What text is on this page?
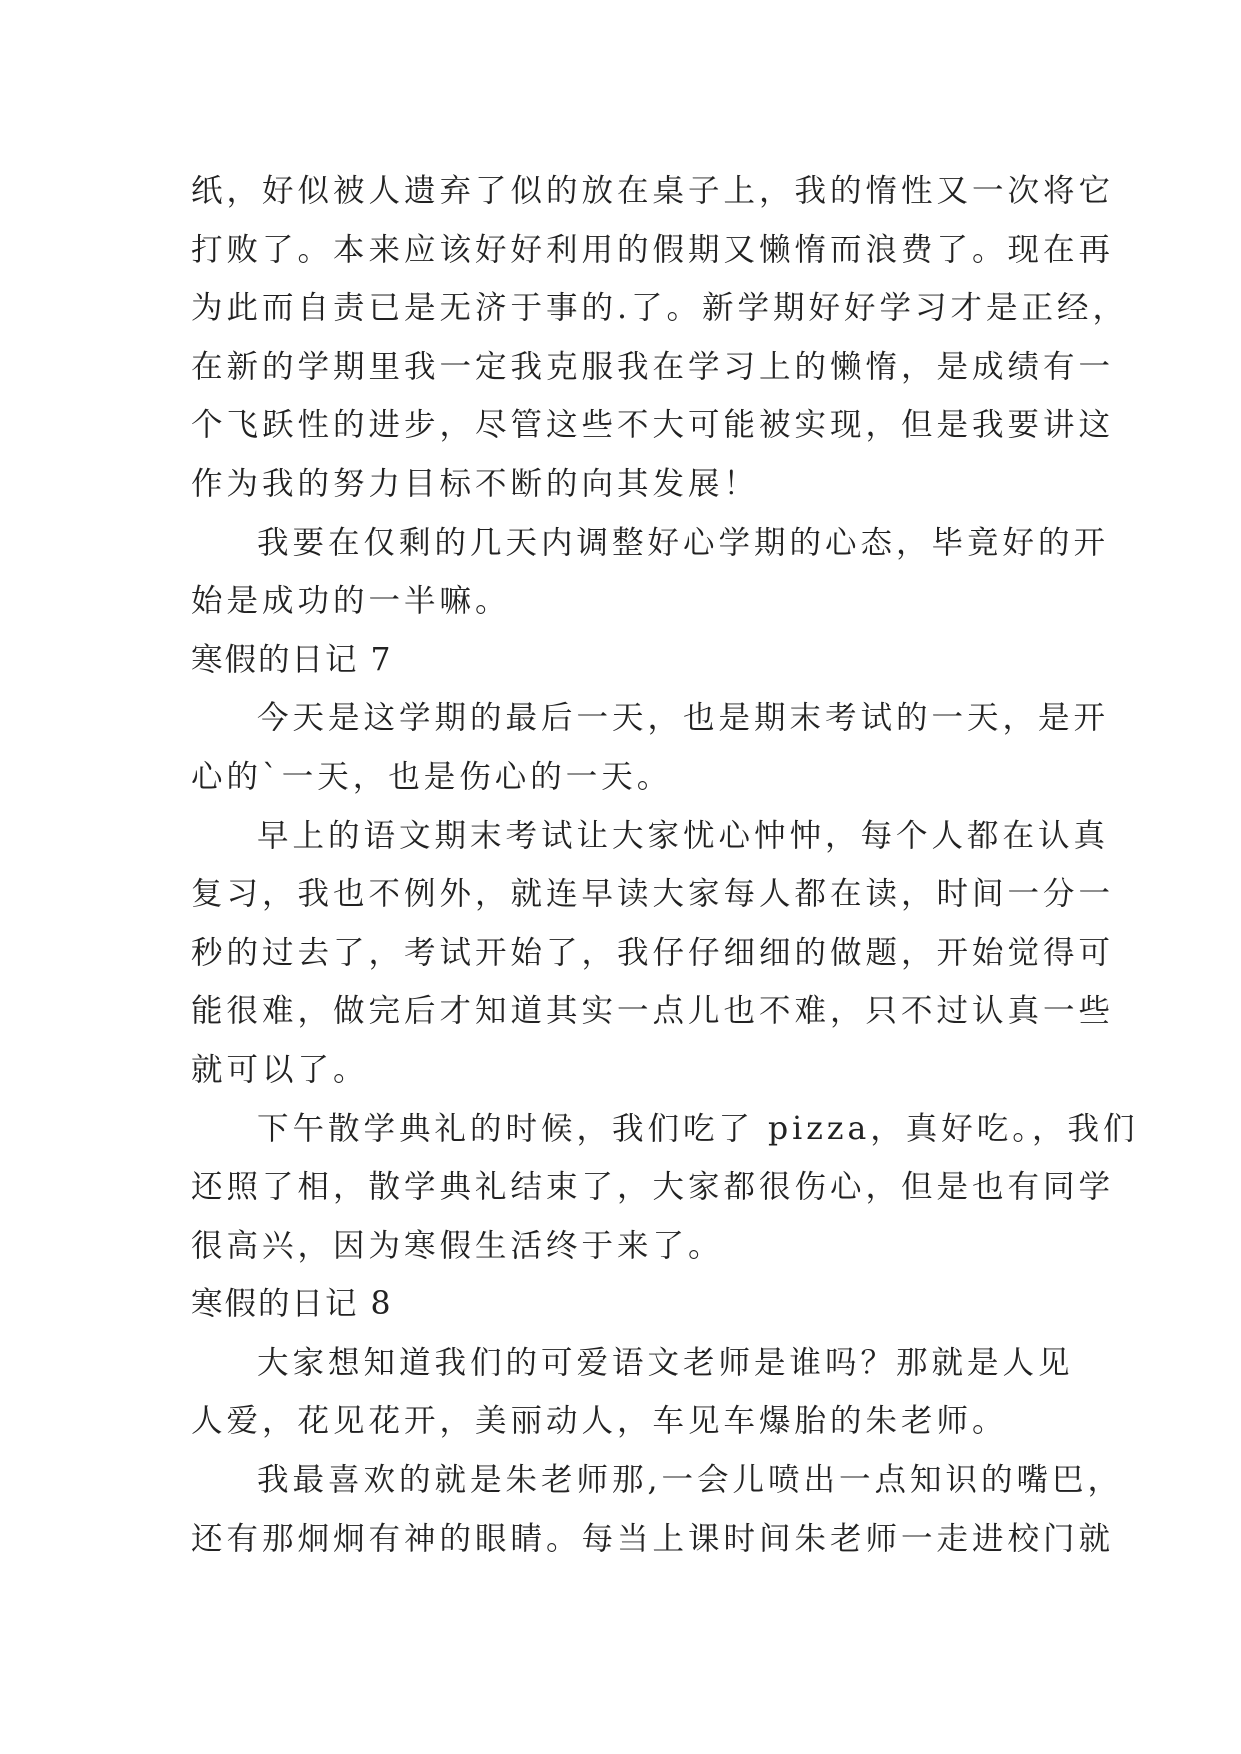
纸，好似被人遗弃了似的放在桌子上，我的惰性又一次将它
打败了。本来应该好好利用的假期又懒惰而浪费了。现在再
为此而自责已是无济于事的.了。新学期好好学习才是正经，
在新的学期里我一定我克服我在学习上的懒惰，是成绩有一
个飞跃性的进步，尽管这些不大可能被实现，但是我要讲这
作为我的努力目标不断的向其发展！
我要在仅剩的几天内调整好心学期的心态，毕竟好的开
始是成功的一半嘛。
寒假的日记 7
今天是这学期的最后一天，也是期末考试的一天，是开
心的`一天，也是伤心的一天。
早上的语文期末考试让大家忧心忡忡，每个人都在认真
复习，我也不例外，就连早读大家每人都在读，时间一分一
秒的过去了，考试开始了，我仔仔细细的做题，开始觉得可
能很难，做完后才知道其实一点儿也不难，只不过认真一些
就可以了。
下午散学典礼的时候，我们吃了 pizza，真好吃。，我们
还照了相，散学典礼结束了，大家都很伤心，但是也有同学
很高兴，因为寒假生活终于来了。
寒假的日记 8
大家想知道我们的可爱语文老师是谁吗？那就是人见
人爱，花见花开，美丽动人，车见车爆胎的朱老师。
我最喜欢的就是朱老师那,一会儿喷出一点知识的嘴巴，
还有那炯炯有神的眼睛。每当上课时间朱老师一走进校门就
